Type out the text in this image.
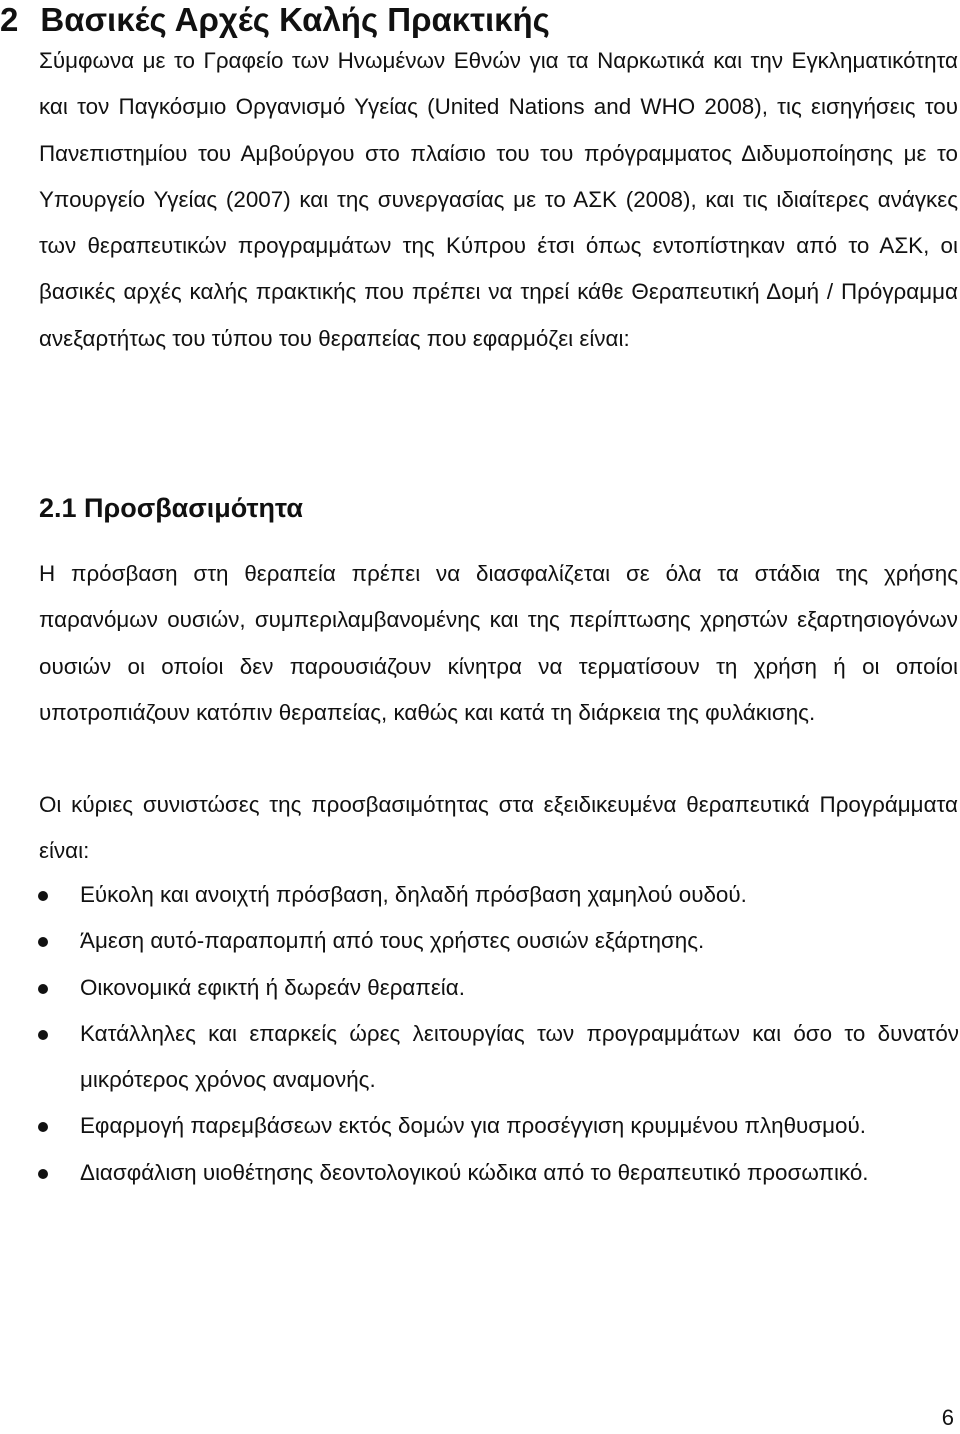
2 Βασικές Αρχές Καλής Πρακτικής
Σύμφωνα με το Γραφείο των Ηνωμένων Εθνών για τα Ναρκωτικά και την Εγκληματικότητα και τον Παγκόσμιο Οργανισμό Υγείας (United Nations and WHO 2008), τις εισηγήσεις του Πανεπιστημίου του Αμβούργου στο πλαίσιο του του πρόγραμματος Διδυμοποίησης με το Υπουργείο Υγείας (2007) και της συνεργασίας με το ΑΣΚ (2008), και τις ιδιαίτερες ανάγκες των θεραπευτικών προγραμμάτων της Κύπρου έτσι όπως εντοπίστηκαν από το ΑΣΚ, οι βασικές αρχές καλής πρακτικής που πρέπει να τηρεί κάθε Θεραπευτική Δομή / Πρόγραμμα ανεξαρτήτως του τύπου του θεραπείας που εφαρμόζει είναι:
2.1 Προσβασιμότητα
Η πρόσβαση στη θεραπεία πρέπει να διασφαλίζεται σε όλα τα στάδια της χρήσης παρανόμων ουσιών, συμπεριλαμβανομένης και της περίπτωσης χρηστών εξαρτησιογόνων ουσιών οι οποίοι δεν παρουσιάζουν κίνητρα να τερματίσουν τη χρήση ή οι οποίοι υποτροπιάζουν κατόπιν θεραπείας, καθώς και κατά τη διάρκεια της φυλάκισης.
Οι κύριες συνιστώσες της προσβασιμότητας στα εξειδικευμένα θεραπευτικά Προγράμματα είναι:
Εύκολη και ανοιχτή πρόσβαση, δηλαδή πρόσβαση χαμηλού ουδού.
Άμεση αυτό-παραπομπή από τους χρήστες ουσιών εξάρτησης.
Οικονομικά εφικτή ή δωρεάν θεραπεία.
Κατάλληλες και επαρκείς ώρες λειτουργίας των προγραμμάτων και όσο το δυνατόν μικρότερος χρόνος αναμονής.
Εφαρμογή παρεμβάσεων εκτός δομών για προσέγγιση κρυμμένου πληθυσμού.
Διασφάλιση υιοθέτησης δεοντολογικού κώδικα από το θεραπευτικό προσωπικό.
6
